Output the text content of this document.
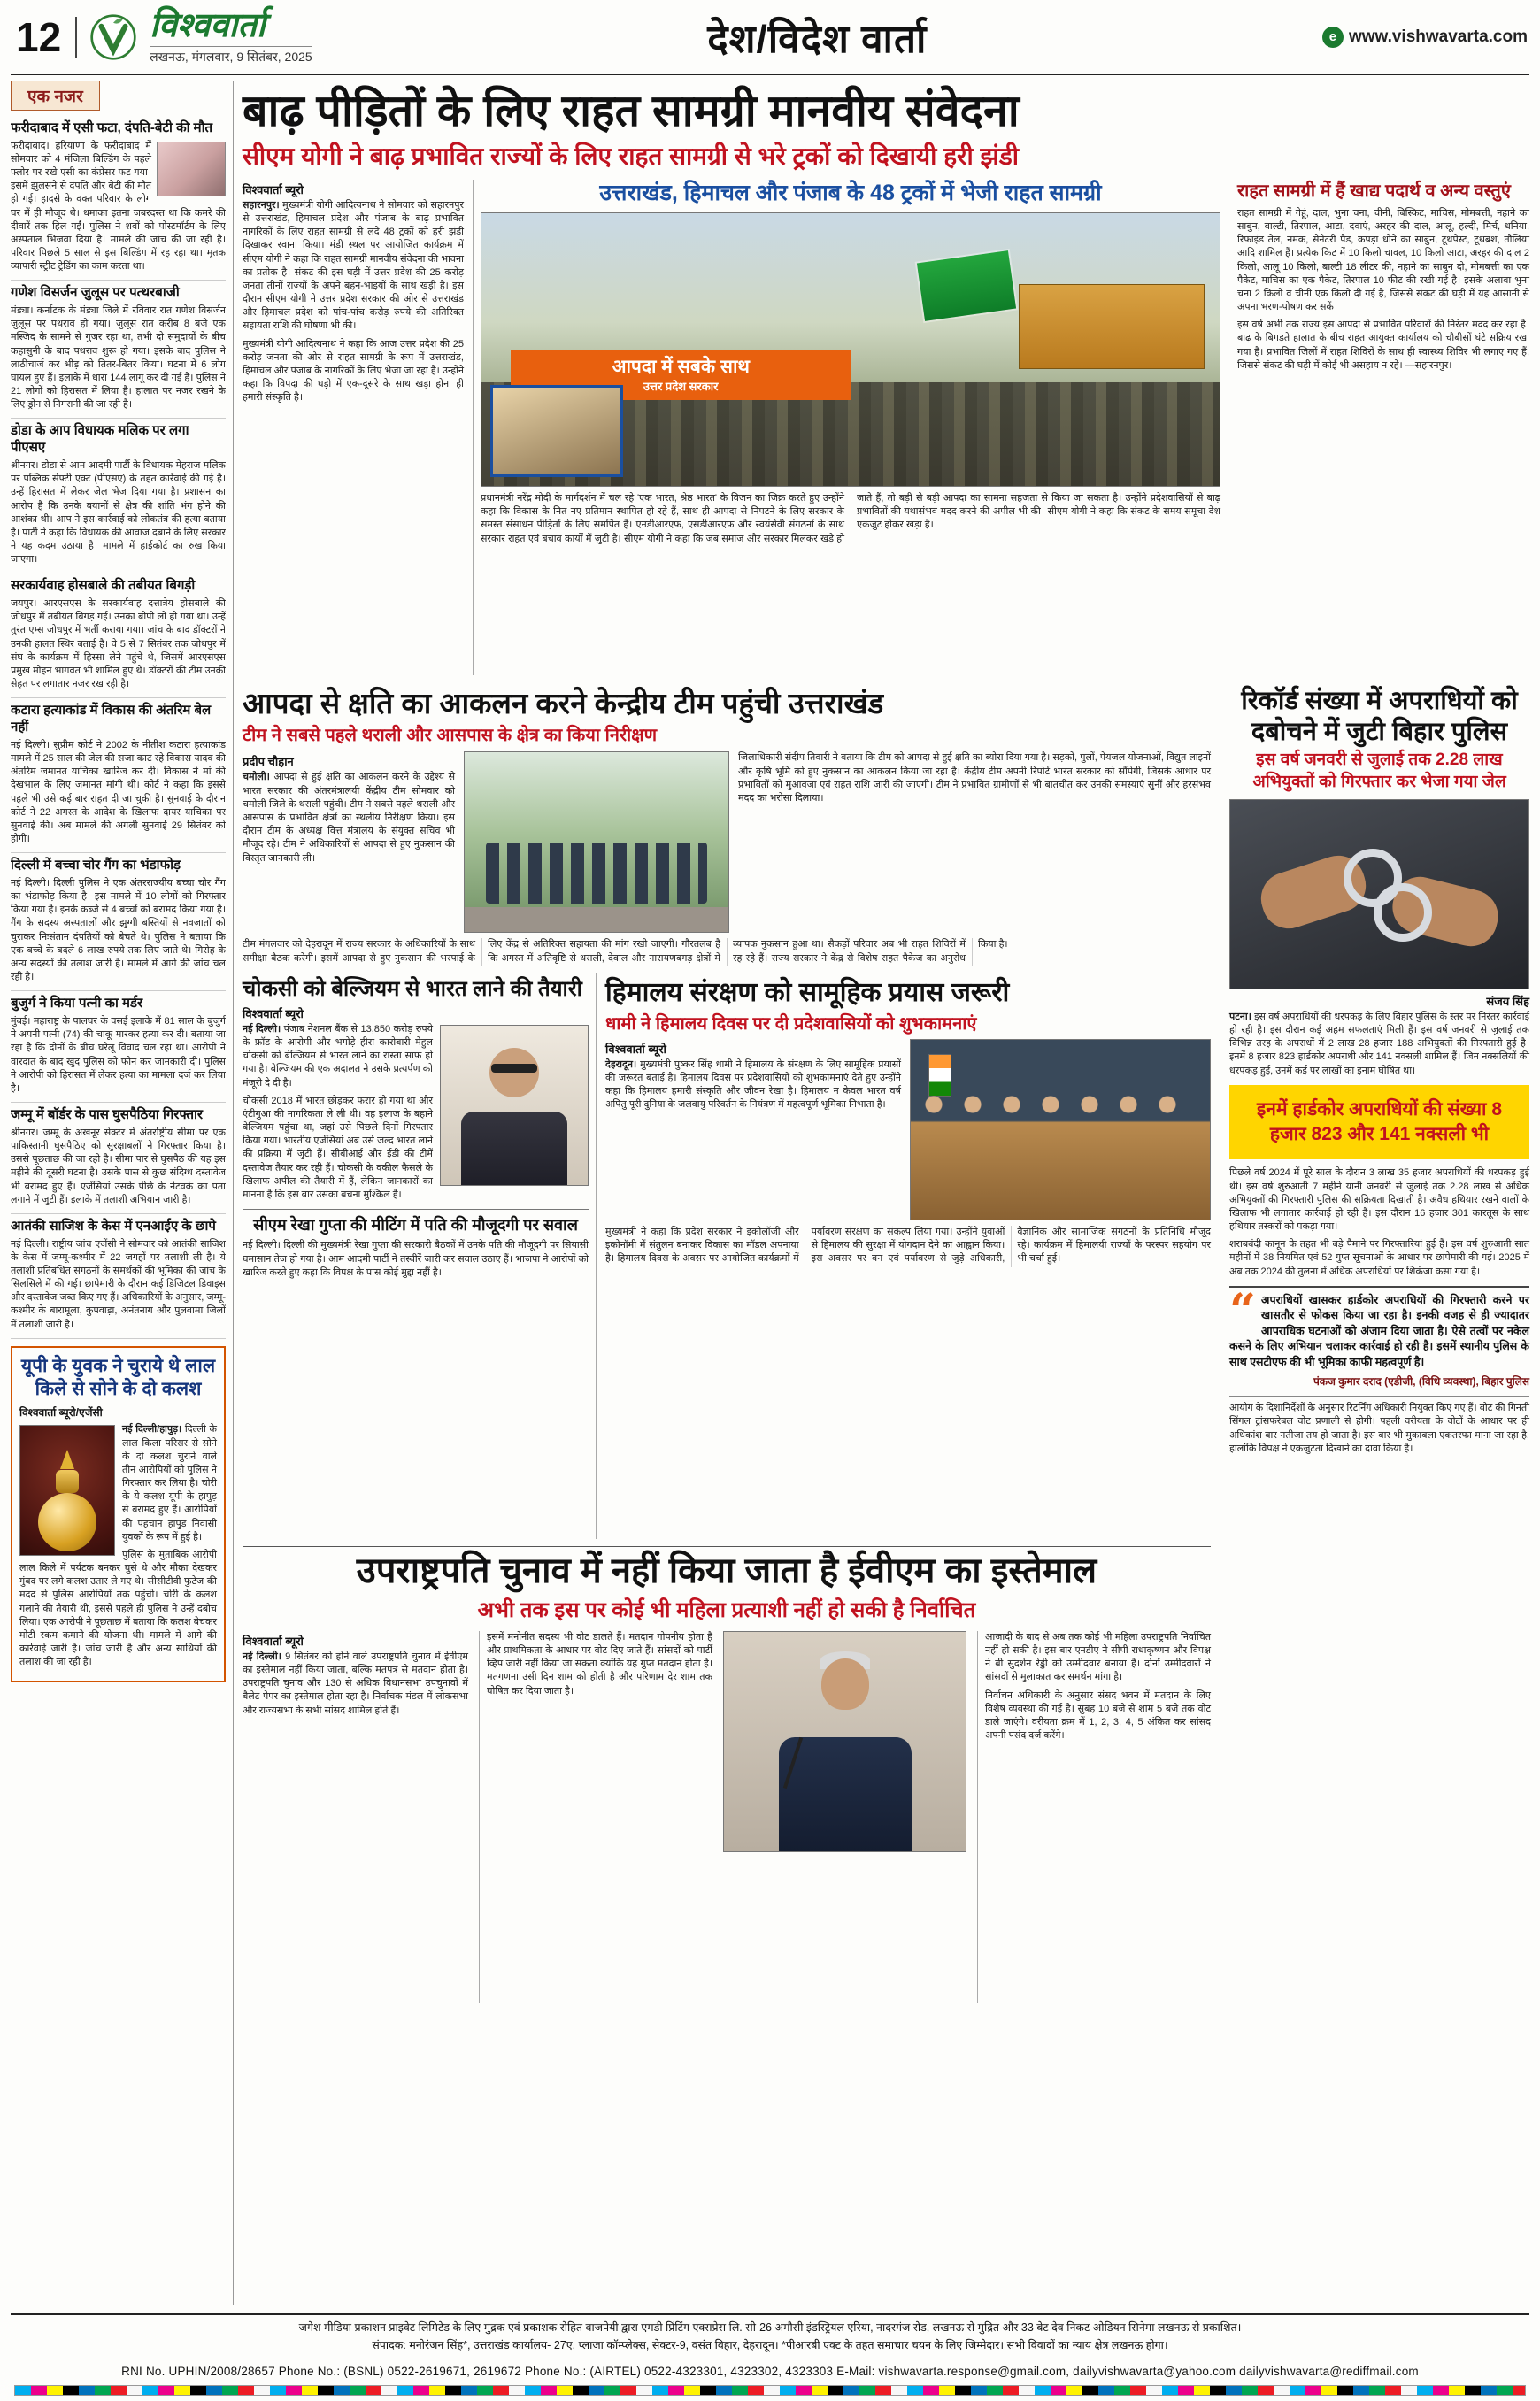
12	विश्ववार्ता
लखनऊ, मंगलवार, 9 सितंबर, 2025	देश/विदेश वार्ता	e www.vishwavarta.com
एक नजर
फरीदाबाद में एसी फटा, दंपति-बेटी की मौत

फरीदाबाद। हरियाणा के फरीदाबाद में सोमवार को 4 मंजिला बिल्डिंग के पहले फ्लोर पर रखे एसी का कंप्रेसर फट गया। इसमें झुलसने से दंपति और बेटी की मौत हो गई। हादसे के वक्त परिवार के लोग घर में ही मौजूद थे। धमाका इतना जबरदस्त था कि कमरे की दीवारें तक हिल गईं। पुलिस ने शवों को पोस्टमॉर्टम के लिए अस्पताल भिजवा दिया है। मामले की जांच की जा रही है। परिवार पिछले 5 साल से इस बिल्डिंग में रह रहा था। मृतक व्यापारी स्ट्रीट ट्रेडिंग का काम करता था।

गणेश विसर्जन जुलूस पर पत्थरबाजी

मंड्या। कर्नाटक के मंड्या जिले में रविवार रात गणेश विसर्जन जुलूस पर पथराव हो गया। जुलूस रात करीब 8 बजे एक मस्जिद के सामने से गुजर रहा था, तभी दो समुदायों के बीच कहासुनी के बाद पथराव शुरू हो गया। इसके बाद पुलिस ने लाठीचार्ज कर भीड़ को तितर-बितर किया। घटना में 6 लोग घायल हुए हैं। इलाके में धारा 144 लागू कर दी गई है। पुलिस ने 21 लोगों को हिरासत में लिया है। हालात पर नजर रखने के लिए ड्रोन से निगरानी की जा रही है।

डोडा के आप विधायक मलिक पर लगा पीएसए

श्रीनगर। डोडा से आम आदमी पार्टी के विधायक मेहराज मलिक पर पब्लिक सेफ्टी एक्ट (पीएसए) के तहत कार्रवाई की गई है। उन्हें हिरासत में लेकर जेल भेज दिया गया है। प्रशासन का आरोप है कि उनके बयानों से क्षेत्र की शांति भंग होने की आशंका थी। आप ने इस कार्रवाई को लोकतंत्र की हत्या बताया है। पार्टी ने कहा कि विधायक की आवाज दबाने के लिए सरकार ने यह कदम उठाया है। मामले में हाईकोर्ट का रुख किया जाएगा।

सरकार्यवाह होसबाले की तबीयत बिगड़ी

जयपुर। आरएसएस के सरकार्यवाह दत्तात्रेय होसबाले की जोधपुर में तबीयत बिगड़ गई। उनका बीपी लो हो गया था। उन्हें तुरंत एम्स जोधपुर में भर्ती कराया गया। जांच के बाद डॉक्टरों ने उनकी हालत स्थिर बताई है। वे 5 से 7 सितंबर तक जोधपुर में संघ के कार्यक्रम में हिस्सा लेने पहुंचे थे, जिसमें आरएसएस प्रमुख मोहन भागवत भी शामिल हुए थे। डॉक्टरों की टीम उनकी सेहत पर लगातार नजर रख रही है।

कटारा हत्याकांड में विकास की अंतरिम बेल नहीं

नई दिल्ली। सुप्रीम कोर्ट ने 2002 के नीतीश कटारा हत्याकांड मामले में 25 साल की जेल की सजा काट रहे विकास यादव की अंतरिम जमानत याचिका खारिज कर दी। विकास ने मां की देखभाल के लिए जमानत मांगी थी। कोर्ट ने कहा कि इससे पहले भी उसे कई बार राहत दी जा चुकी है। सुनवाई के दौरान कोर्ट ने 22 अगस्त के आदेश के खिलाफ दायर याचिका पर सुनवाई की। अब मामले की अगली सुनवाई 29 सितंबर को होगी।

दिल्ली में बच्चा चोर गैंग का भंडाफोड़

नई दिल्ली। दिल्ली पुलिस ने एक अंतरराज्यीय बच्चा चोर गैंग का भंडाफोड़ किया है। इस मामले में 10 लोगों को गिरफ्तार किया गया है। इनके कब्जे से 4 बच्चों को बरामद किया गया है। गैंग के सदस्य अस्पतालों और झुग्गी बस्तियों से नवजातों को चुराकर निःसंतान दंपतियों को बेचते थे। पुलिस ने बताया कि एक बच्चे के बदले 6 लाख रुपये तक लिए जाते थे। गिरोह के अन्य सदस्यों की तलाश जारी है। मामले में आगे की जांच चल रही है।

बुजुर्ग ने किया पत्नी का मर्डर

मुंबई। महाराष्ट्र के पालघर के वसई इलाके में 81 साल के बुजुर्ग ने अपनी पत्नी (74) की चाकू मारकर हत्या कर दी। बताया जा रहा है कि दोनों के बीच घरेलू विवाद चल रहा था। आरोपी ने वारदात के बाद खुद पुलिस को फोन कर जानकारी दी। पुलिस ने आरोपी को हिरासत में लेकर हत्या का मामला दर्ज कर लिया है।

जम्मू में बॉर्डर के पास घुसपैठिया गिरफ्तार

श्रीनगर। जम्मू के अखनूर सेक्टर में अंतर्राष्ट्रीय सीमा पर एक पाकिस्तानी घुसपैठिए को सुरक्षाबलों ने गिरफ्तार किया है। उससे पूछताछ की जा रही है। सीमा पार से घुसपैठ की यह इस महीने की दूसरी घटना है। उसके पास से कुछ संदिग्ध दस्तावेज भी बरामद हुए हैं। एजेंसियां उसके पीछे के नेटवर्क का पता लगाने में जुटी हैं। इलाके में तलाशी अभियान जारी है।

आतंकी साजिश के केस में एनआईए के छापे

नई दिल्ली। राष्ट्रीय जांच एजेंसी ने सोमवार को आतंकी साजिश के केस में जम्मू-कश्मीर में 22 जगहों पर तलाशी ली है। ये तलाशी प्रतिबंधित संगठनों के समर्थकों की भूमिका की जांच के सिलसिले में की गई। छापेमारी के दौरान कई डिजिटल डिवाइस और दस्तावेज जब्त किए गए हैं। अधिकारियों के अनुसार, जम्मू-कश्मीर के बारामूला, कुपवाड़ा, अनंतनाग और पुलवामा जिलों में तलाशी जारी है।

यूपी के युवक ने चुराये थे लाल किले से सोने के दो कलश
विश्ववार्ता ब्यूरो/एजेंसी

नई दिल्ली/हापुड़। दिल्ली के लाल किला परिसर से सोने के दो कलश चुराने वाले तीन आरोपियों को पुलिस ने गिरफ्तार कर लिया है। चोरी के ये कलश यूपी के हापुड़ से बरामद हुए हैं। आरोपियों की पहचान हापुड़ निवासी युवकों के रूप में हुई है।

पुलिस के मुताबिक आरोपी लाल किले में पर्यटक बनकर घुसे थे और मौका देखकर गुंबद पर लगे कलश उतार ले गए थे। सीसीटीवी फुटेज की मदद से पुलिस आरोपियों तक पहुंची। चोरी के कलश गलाने की तैयारी थी, इससे पहले ही पुलिस ने उन्हें दबोच लिया। एक आरोपी ने पूछताछ में बताया कि कलश बेचकर मोटी रकम कमाने की योजना थी। मामले में आगे की कार्रवाई जारी है। जांच जारी है और अन्य साथियों की तलाश की जा रही है।

बाढ़ पीड़ितों के लिए राहत सामग्री मानवीय संवेदना
सीएम योगी ने बाढ़ प्रभावित राज्यों के लिए राहत सामग्री से भरे ट्रकों को दिखायी हरी झंडी
विश्ववार्ता ब्यूरो

सहारनपुर। मुख्यमंत्री योगी आदित्यनाथ ने सोमवार को सहारनपुर से उत्तराखंड, हिमाचल प्रदेश और पंजाब के बाढ़ प्रभावित नागरिकों के लिए राहत सामग्री से लदे 48 ट्रकों को हरी झंडी दिखाकर रवाना किया। मंडी स्थल पर आयोजित कार्यक्रम में सीएम योगी ने कहा कि राहत सामग्री मानवीय संवेदना की भावना का प्रतीक है। संकट की इस घड़ी में उत्तर प्रदेश की 25 करोड़ जनता तीनों राज्यों के अपने बहन-भाइयों के साथ खड़ी है। इस दौरान सीएम योगी ने उत्तर प्रदेश सरकार की ओर से उत्तराखंड और हिमाचल प्रदेश को पांच-पांच करोड़ रुपये की अतिरिक्त सहायता राशि की घोषणा भी की।

मुख्यमंत्री योगी आदित्यनाथ ने कहा कि आज उत्तर प्रदेश की 25 करोड़ जनता की ओर से राहत सामग्री के रूप में उत्तराखंड, हिमाचल और पंजाब के नागरिकों के लिए भेजा जा रहा है। उन्होंने कहा कि विपदा की घड़ी में एक-दूसरे के साथ खड़ा होना ही हमारी संस्कृति है।

उत्तराखंड, हिमाचल और पंजाब के 48 ट्रकों में भेजी राहत सामग्री
आपदा में सबके साथ
उत्तर प्रदेश सरकार

प्रधानमंत्री नरेंद्र मोदी के मार्गदर्शन में चल रहे 'एक भारत, श्रेष्ठ भारत' के विजन का जिक्र करते हुए उन्होंने कहा कि विकास के नित नए प्रतिमान स्थापित हो रहे हैं, साथ ही आपदा से निपटने के लिए सरकार के समस्त संसाधन पीड़ितों के लिए समर्पित हैं। एनडीआरएफ, एसडीआरएफ और स्वयंसेवी संगठनों के साथ सरकार राहत एवं बचाव कार्यों में जुटी है। सीएम योगी ने कहा कि जब समाज और सरकार मिलकर खड़े हो जाते हैं, तो बड़ी से बड़ी आपदा का सामना सहजता से किया जा सकता है। उन्होंने प्रदेशवासियों से बाढ़ प्रभावितों की यथासंभव मदद करने की अपील भी की। सीएम योगी ने कहा कि संकट के समय समूचा देश एकजुट होकर खड़ा है।

राहत सामग्री में हैं खाद्य पदार्थ व अन्य वस्तुएं

राहत सामग्री में गेहूं, दाल, भुना चना, चीनी, बिस्किट, माचिस, मोमबत्ती, नहाने का साबुन, बाल्टी, तिरपाल, आटा, दवाएं, अरहर की दाल, आलू, हल्दी, मिर्च, धनिया, रिफाइंड तेल, नमक, सेनेटरी पैड, कपड़ा धोने का साबुन, टूथपेस्ट, टूथब्रश, तौलिया आदि शामिल हैं। प्रत्येक किट में 10 किलो चावल, 10 किलो आटा, अरहर की दाल 2 किलो, आलू 10 किलो, बाल्टी 18 लीटर की, नहाने का साबुन दो, मोमबत्ती का एक पैकेट, माचिस का एक पैकेट, तिरपाल 10 फीट की रखी गई है। इसके अलावा भुना चना 2 किलो व चीनी एक किलो दी गई है, जिससे संकट की घड़ी में यह आसानी से अपना भरण-पोषण कर सकें।

इस वर्ष अभी तक राज्य इस आपदा से प्रभावित परिवारों की निरंतर मदद कर रहा है। बाढ़ के बिगड़ते हालात के बीच राहत आयुक्त कार्यालय को चौबीसों घंटे सक्रिय रखा गया है। प्रभावित जिलों में राहत शिविरों के साथ ही स्वास्थ्य शिविर भी लगाए गए हैं, जिससे संकट की घड़ी में कोई भी असहाय न रहे। —सहारनपुर।

आपदा से क्षति का आकलन करने केन्द्रीय टीम पहुंची उत्तराखंड
टीम ने सबसे पहले थराली और आसपास के क्षेत्र का किया निरीक्षण
प्रदीप चौहान

चमोली। आपदा से हुई क्षति का आकलन करने के उद्देश्य से भारत सरकार की अंतरमंत्रालयी केंद्रीय टीम सोमवार को चमोली जिले के थराली पहुंची। टीम ने सबसे पहले थराली और आसपास के प्रभावित क्षेत्रों का स्थलीय निरीक्षण किया। इस दौरान टीम के अध्यक्ष वित्त मंत्रालय के संयुक्त सचिव भी मौजूद रहे। टीम ने अधिकारियों से आपदा से हुए नुकसान की विस्तृत जानकारी ली।

जिलाधिकारी संदीप तिवारी ने बताया कि टीम को आपदा से हुई क्षति का ब्योरा दिया गया है। सड़कों, पुलों, पेयजल योजनाओं, विद्युत लाइनों और कृषि भूमि को हुए नुकसान का आकलन किया जा रहा है। केंद्रीय टीम अपनी रिपोर्ट भारत सरकार को सौंपेगी, जिसके आधार पर प्रभावितों को मुआवजा एवं राहत राशि जारी की जाएगी। टीम ने प्रभावित ग्रामीणों से भी बातचीत कर उनकी समस्याएं सुनीं और हरसंभव मदद का भरोसा दिलाया।

टीम मंगलवार को देहरादून में राज्य सरकार के अधिकारियों के साथ समीक्षा बैठक करेगी। इसमें आपदा से हुए नुकसान की भरपाई के लिए केंद्र से अतिरिक्त सहायता की मांग रखी जाएगी। गौरतलब है कि अगस्त में अतिवृष्टि से थराली, देवाल और नारायणबगड़ क्षेत्रों में व्यापक नुकसान हुआ था। सैकड़ों परिवार अब भी राहत शिविरों में रह रहे हैं। राज्य सरकार ने केंद्र से विशेष राहत पैकेज का अनुरोध किया है।

चोकसी को बेल्जियम से भारत लाने की तैयारी
विश्ववार्ता ब्यूरो

नई दिल्ली। पंजाब नेशनल बैंक से 13,850 करोड़ रुपये के फ्रॉड के आरोपी और भगोड़े हीरा कारोबारी मेहुल चोकसी को बेल्जियम से भारत लाने का रास्ता साफ हो गया है। बेल्जियम की एक अदालत ने उसके प्रत्यर्पण को मंजूरी दे दी है।

चोकसी 2018 में भारत छोड़कर फरार हो गया था और एंटीगुआ की नागरिकता ले ली थी। वह इलाज के बहाने बेल्जियम पहुंचा था, जहां उसे पिछले दिनों गिरफ्तार किया गया। भारतीय एजेंसियां अब उसे जल्द भारत लाने की प्रक्रिया में जुटी हैं। सीबीआई और ईडी की टीमें दस्तावेज तैयार कर रही हैं। चोकसी के वकील फैसले के खिलाफ अपील की तैयारी में हैं, लेकिन जानकारों का मानना है कि इस बार उसका बचना मुश्किल है।

सीएम रेखा गुप्ता की मीटिंग में पति की मौजूदगी पर सवाल

नई दिल्ली। दिल्ली की मुख्यमंत्री रेखा गुप्ता की सरकारी बैठकों में उनके पति की मौजूदगी पर सियासी घमासान तेज हो गया है। आम आदमी पार्टी ने तस्वीरें जारी कर सवाल उठाए हैं। भाजपा ने आरोपों को खारिज करते हुए कहा कि विपक्ष के पास कोई मुद्दा नहीं है।

हिमालय संरक्षण को सामूहिक प्रयास जरूरी
धामी ने हिमालय दिवस पर दी प्रदेशवासियों को शुभकामनाएं
विश्ववार्ता ब्यूरो

देहरादून। मुख्यमंत्री पुष्कर सिंह धामी ने हिमालय के संरक्षण के लिए सामूहिक प्रयासों की जरूरत बताई है। हिमालय दिवस पर प्रदेशवासियों को शुभकामनाएं देते हुए उन्होंने कहा कि हिमालय हमारी संस्कृति और जीवन रेखा है। हिमालय न केवल भारत वर्ष अपितु पूरी दुनिया के जलवायु परिवर्तन के नियंत्रण में महत्वपूर्ण भूमिका निभाता है।

मुख्यमंत्री ने कहा कि प्रदेश सरकार ने इकोलॉजी और इकोनॉमी में संतुलन बनाकर विकास का मॉडल अपनाया है। हिमालय दिवस के अवसर पर आयोजित कार्यक्रमों में पर्यावरण संरक्षण का संकल्प लिया गया। उन्होंने युवाओं से हिमालय की सुरक्षा में योगदान देने का आह्वान किया। इस अवसर पर वन एवं पर्यावरण से जुड़े अधिकारी, वैज्ञानिक और सामाजिक संगठनों के प्रतिनिधि मौजूद रहे। कार्यक्रम में हिमालयी राज्यों के परस्पर सहयोग पर भी चर्चा हुई।

उपराष्ट्रपति चुनाव में नहीं किया जाता है ईवीएम का इस्तेमाल
अभी तक इस पर कोई भी महिला प्रत्याशी नहीं हो सकी है निर्वाचित
विश्ववार्ता ब्यूरो

नई दिल्ली। 9 सितंबर को होने वाले उपराष्ट्रपति चुनाव में ईवीएम का इस्तेमाल नहीं किया जाता, बल्कि मतपत्र से मतदान होता है। उपराष्ट्रपति चुनाव और 130 से अधिक विधानसभा उपचुनावों में बैलेट पेपर का इस्तेमाल होता रहा है। निर्वाचक मंडल में लोकसभा और राज्यसभा के सभी सांसद शामिल होते हैं।

इसमें मनोनीत सदस्य भी वोट डालते हैं। मतदान गोपनीय होता है और प्राथमिकता के आधार पर वोट दिए जाते हैं। सांसदों को पार्टी व्हिप जारी नहीं किया जा सकता क्योंकि यह गुप्त मतदान होता है। मतगणना उसी दिन शाम को होती है और परिणाम देर शाम तक घोषित कर दिया जाता है।

आजादी के बाद से अब तक कोई भी महिला उपराष्ट्रपति निर्वाचित नहीं हो सकी है। इस बार एनडीए ने सीपी राधाकृष्णन और विपक्ष ने बी सुदर्शन रेड्डी को उम्मीदवार बनाया है। दोनों उम्मीदवारों ने सांसदों से मुलाकात कर समर्थन मांगा है।

निर्वाचन अधिकारी के अनुसार संसद भवन में मतदान के लिए विशेष व्यवस्था की गई है। सुबह 10 बजे से शाम 5 बजे तक वोट डाले जाएंगे। वरीयता क्रम में 1, 2, 3, 4, 5 अंकित कर सांसद अपनी पसंद दर्ज करेंगे।

रिकॉर्ड संख्या में अपराधियों को दबोचने में जुटी बिहार पुलिस
इस वर्ष जनवरी से जुलाई तक 2.28 लाख अभियुक्तों को गिरफ्तार कर भेजा गया जेल
संजय सिंह

पटना। इस वर्ष अपराधियों की धरपकड़ के लिए बिहार पुलिस के स्तर पर निरंतर कार्रवाई हो रही है। इस दौरान कई अहम सफलताएं मिली हैं। इस वर्ष जनवरी से जुलाई तक विभिन्न तरह के अपराधों में 2 लाख 28 हजार 188 अभियुक्तों की गिरफ्तारी हुई है। इनमें 8 हजार 823 हार्डकोर अपराधी और 141 नक्सली शामिल हैं। जिन नक्सलियों की धरपकड़ हुई, उनमें कई पर लाखों का इनाम घोषित था।

इनमें हार्डकोर अपराधियों की संख्या 8 हजार 823 और 141 नक्सली भी

पिछले वर्ष 2024 में पूरे साल के दौरान 3 लाख 35 हजार अपराधियों की धरपकड़ हुई थी। इस वर्ष शुरुआती 7 महीने यानी जनवरी से जुलाई तक 2.28 लाख से अधिक अभियुक्तों की गिरफ्तारी पुलिस की सक्रियता दिखाती है। अवैध हथियार रखने वालों के खिलाफ भी लगातार कार्रवाई हो रही है। इस दौरान 16 हजार 301 कारतूस के साथ हथियार तस्करों को पकड़ा गया।

शराबबंदी कानून के तहत भी बड़े पैमाने पर गिरफ्तारियां हुई हैं। इस वर्ष शुरुआती सात महीनों में 38 नियमित एवं 52 गुप्त सूचनाओं के आधार पर छापेमारी की गई। 2025 में अब तक 2024 की तुलना में अधिक अपराधियों पर शिकंजा कसा गया है।

“ अपराधियों खासकर हार्डकोर अपराधियों की गिरफ्तारी करने पर खासतौर से फोकस किया जा रहा है। इनकी वजह से ही ज्यादातर आपराधिक घटनाओं को अंजाम दिया जाता है। ऐसे तत्वों पर नकेल कसने के लिए अभियान चलाकर कार्रवाई हो रही है। इसमें स्थानीय पुलिस के साथ एसटीएफ की भी भूमिका काफी महत्वपूर्ण है।

पंकज कुमार दराद (एडीजी, (विधि व्यवस्था), बिहार पुलिस

आयोग के दिशानिर्देशों के अनुसार रिटर्निंग अधिकारी नियुक्त किए गए हैं। वोट की गिनती सिंगल ट्रांसफरेबल वोट प्रणाली से होगी। पहली वरीयता के वोटों के आधार पर ही अधिकांश बार नतीजा तय हो जाता है। इस बार भी मुकाबला एकतरफा माना जा रहा है, हालांकि विपक्ष ने एकजुटता दिखाने का दावा किया है।

जगेश मीडिया प्रकाशन प्राइवेट लिमिटेड के लिए मुद्रक एवं प्रकाशक रोहित वाजपेयी द्वारा एमडी प्रिंटिंग एक्सप्रेस लि. सी-26 अमौसी इंडस्ट्रियल एरिया, नादरगंज रोड, लखनऊ से मुद्रित और 33 बेट देव निकट ओडियन सिनेमा लखनऊ से प्रकाशित।
संपादक: मनोरंजन सिंह*, उत्तराखंड कार्यालय- 27ए. प्लाजा कॉम्प्लेक्स, सेक्टर-9, वसंत विहार, देहरादून। *पीआरबी एक्ट के तहत समाचार चयन के लिए जिम्मेदार। सभी विवादों का न्याय क्षेत्र लखनऊ होगा।
RNI No. UPHIN/2008/28657 Phone No.: (BSNL) 0522-2619671, 2619672 Phone No.: (AIRTEL) 0522-4323301, 4323302, 4323303 E-Mail: vishwavarta.response@gmail.com, dailyvishwavarta@yahoo.com dailyvishwavarta@rediffmail.com
